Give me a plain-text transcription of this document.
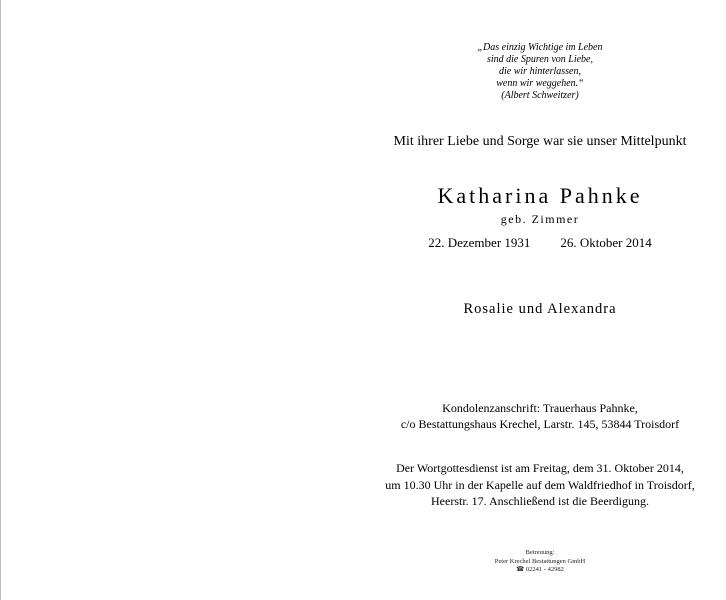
„Das einzig Wichtige im Leben
sind die Spuren von Liebe,
die wir hinterlassen,
wenn wir weggehen.“
(Albert Schweitzer)
Mit ihrer Liebe und Sorge war sie unser Mittelpunkt
Katharina Pahnke
geb. Zimmer
22. Dezember 1931 26. Oktober 2014
Rosalie und Alexandra
Kondolenzanschrift: Trauerhaus Pahnke,
c/o Bestattungshaus Krechel, Larstr. 145, 53844 Troisdorf
Der Wortgottesdienst ist am Freitag, dem 31. Oktober 2014,
um 10.30 Uhr in der Kapelle auf dem Waldfriedhof in Troisdorf,
Heerstr. 17. Anschließend ist die Beerdigung.
Betreuung:
Peter Krechel Bestattungen GmbH
☎ 02241 - 42982
